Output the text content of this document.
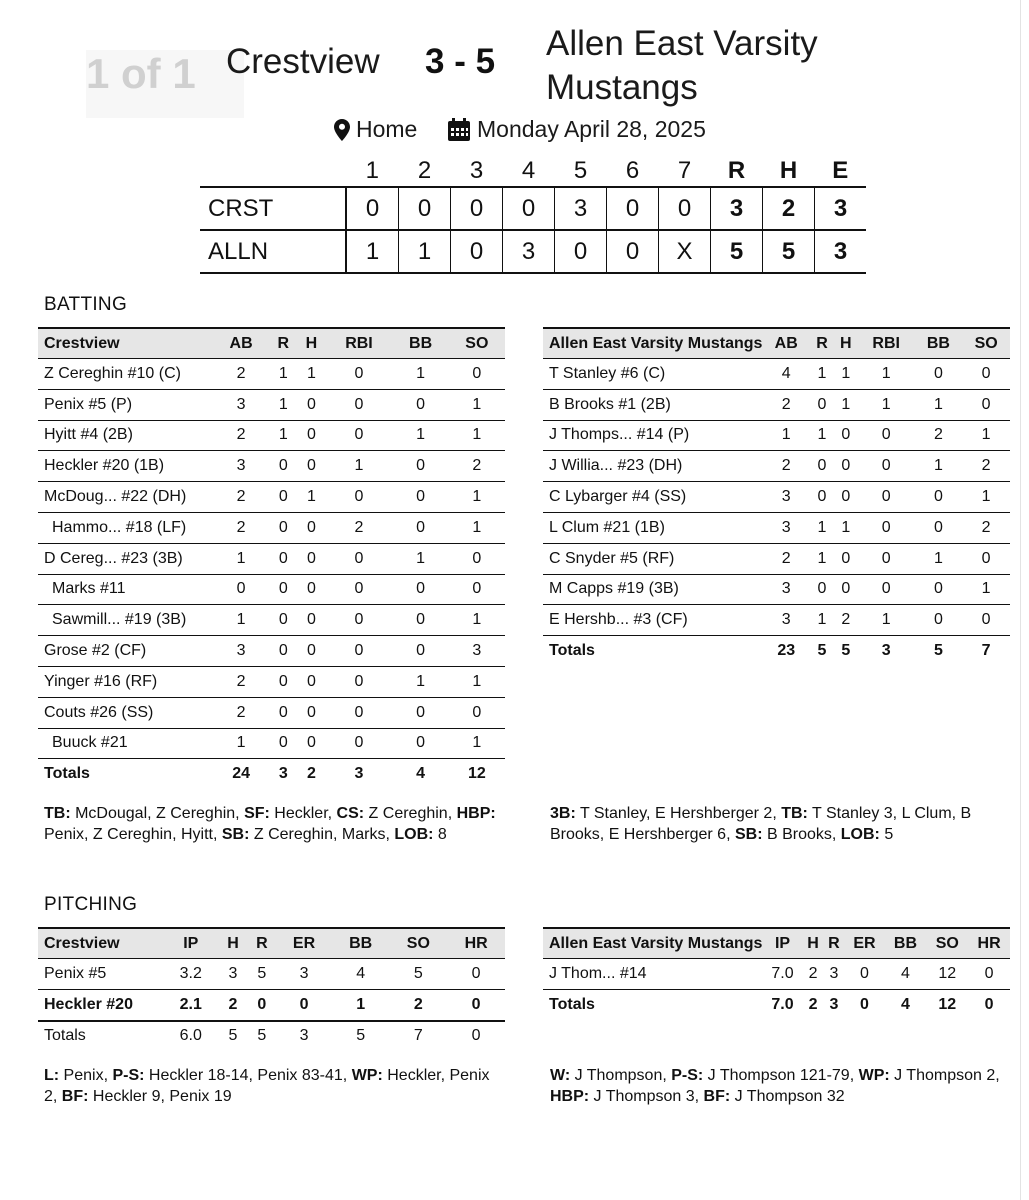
1 of 1 Crestview 3 - 5 Allen East Varsity
Mustangs
Home	Monday April 28, 2025
	1	2	3	4	5	6	7	R	H	E
CRST	0	0	0	0	3	0	0	3	2	3
ALLN	1	1	0	3	0	0	X	5	5	3
BATTING
Crestview	AB	R	H	RBI	BB	SO
Z Cereghin #10 (C)	2	1	1	0	1	0
Penix #5 (P)	3	1	0	0	0	1
Hyitt #4 (2B)	2	1	0	0	1	1
Heckler #20 (1B)	3	0	0	1	0	2
McDoug... #22 (DH)	2	0	1	0	0	1
Hammo... #18 (LF)	2	0	0	2	0	1
D Cereg... #23 (3B)	1	0	0	0	1	0
Marks #11	0	0	0	0	0	0
Sawmill... #19 (3B)	1	0	0	0	0	1
Grose #2 (CF)	3	0	0	0	0	3
Yinger #16 (RF)	2	0	0	0	1	1
Couts #26 (SS)	2	0	0	0	0	0
Buuck #21	1	0	0	0	0	1
Totals	24	3	2	3	4	12
Allen East Varsity Mustangs	AB	R	H	RBI	BB	SO
T Stanley #6 (C)	4	1	1	1	0	0
B Brooks #1 (2B)	2	0	1	1	1	0
J Thomps... #14 (P)	1	1	0	0	2	1
J Willia... #23 (DH)	2	0	0	0	1	2
C Lybarger #4 (SS)	3	0	0	0	0	1
L Clum #21 (1B)	3	1	1	0	0	2
C Snyder #5 (RF)	2	1	0	0	1	0
M Capps #19 (3B)	3	0	0	0	0	1
E Hershb... #3 (CF)	3	1	2	1	0	0
Totals	23	5	5	3	5	7
TB: McDougal, Z Cereghin, SF: Heckler, CS: Z Cereghin, HBP: Penix, Z Cereghin, Hyitt, SB: Z Cereghin, Marks, LOB: 8
3B: T Stanley, E Hershberger 2, TB: T Stanley 3, L Clum, B Brooks, E Hershberger 6, SB: B Brooks, LOB: 5
PITCHING
Crestview	IP	H	R	ER	BB	SO	HR
Penix #5	3.2	3	5	3	4	5	0
Heckler #20	2.1	2	0	0	1	2	0
Totals	6.0	5	5	3	5	7	0
Allen East Varsity Mustangs	IP	H	R	ER	BB	SO	HR
J Thom... #14	7.0	2	3	0	4	12	0
Totals	7.0	2	3	0	4	12	0
L: Penix, P-S: Heckler 18-14, Penix 83-41, WP: Heckler, Penix 2, BF: Heckler 9, Penix 19
W: J Thompson, P-S: J Thompson 121-79, WP: J Thompson 2, HBP: J Thompson 3, BF: J Thompson 32
